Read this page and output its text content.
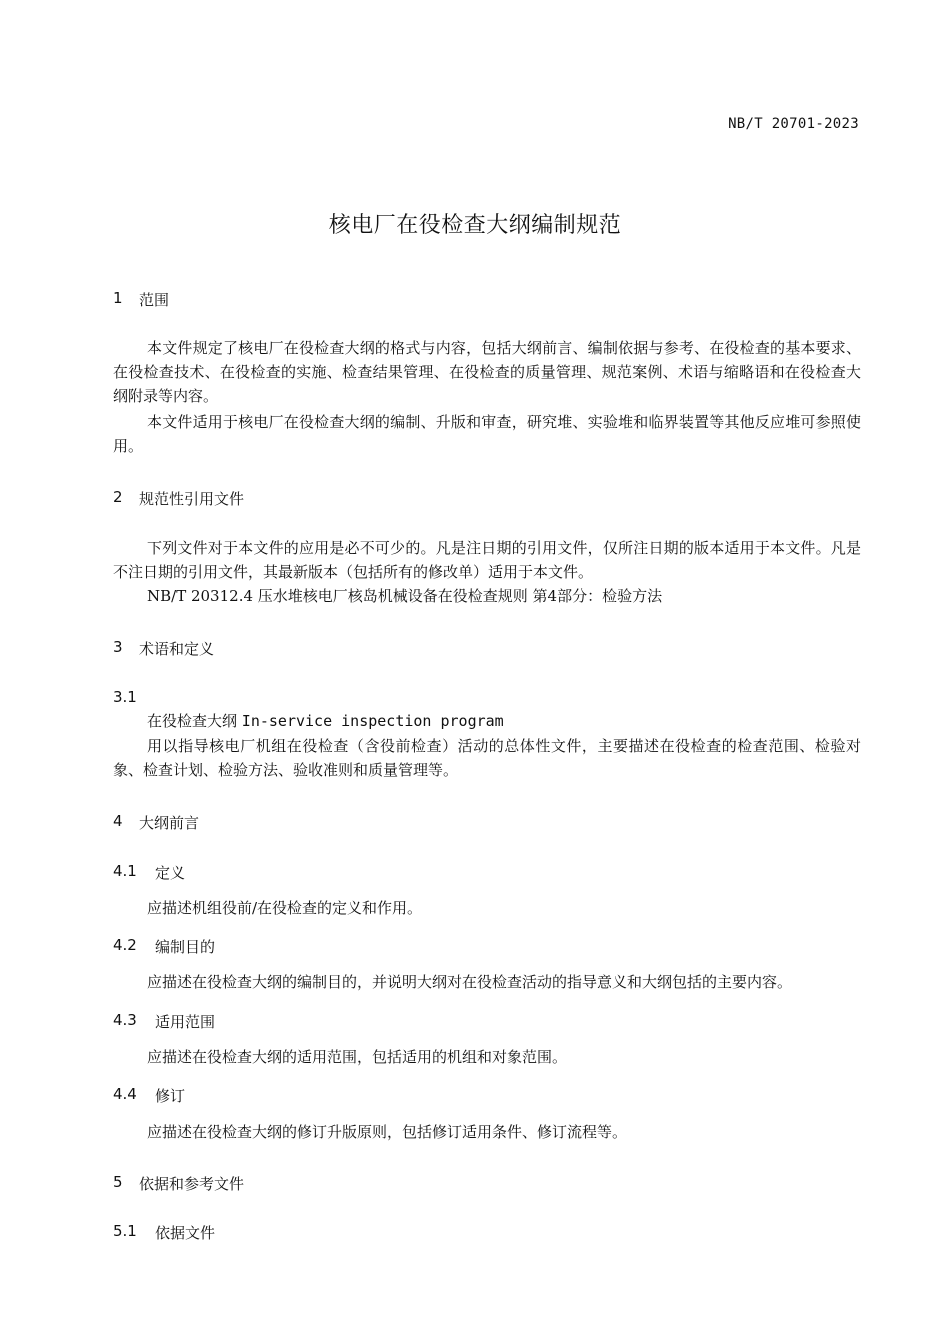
NB/T 20701-2023
核电厂在役检查大纲编制规范
1	范围
本文件规定了核电厂在役检查大纲的格式与内容，包括大纲前言、编制依据与参考、在役检查的基本要求、在役检查技术、在役检查的实施、检查结果管理、在役检查的质量管理、规范案例、术语与缩略语和在役检查大纲附录等内容。
本文件适用于核电厂在役检查大纲的编制、升版和审查，研究堆、实验堆和临界装置等其他反应堆可参照使用。
2	规范性引用文件
下列文件对于本文件的应用是必不可少的。凡是注日期的引用文件，仅所注日期的版本适用于本文件。凡是不注日期的引用文件，其最新版本（包括所有的修改单）适用于本文件。
NB/T 20312.4 压水堆核电厂核岛机械设备在役检查规则 第4部分：检验方法
3	术语和定义
3.1
在役检查大纲 In-service inspection program
用以指导核电厂机组在役检查（含役前检查）活动的总体性文件，主要描述在役检查的检查范围、检验对象、检查计划、检验方法、验收准则和质量管理等。
4	大纲前言
4.1	定义
应描述机组役前/在役检查的定义和作用。
4.2	编制目的
应描述在役检查大纲的编制目的，并说明大纲对在役检查活动的指导意义和大纲包括的主要内容。
4.3	适用范围
应描述在役检查大纲的适用范围，包括适用的机组和对象范围。
4.4	修订
应描述在役检查大纲的修订升版原则，包括修订适用条件、修订流程等。
5	依据和参考文件
5.1	依据文件
